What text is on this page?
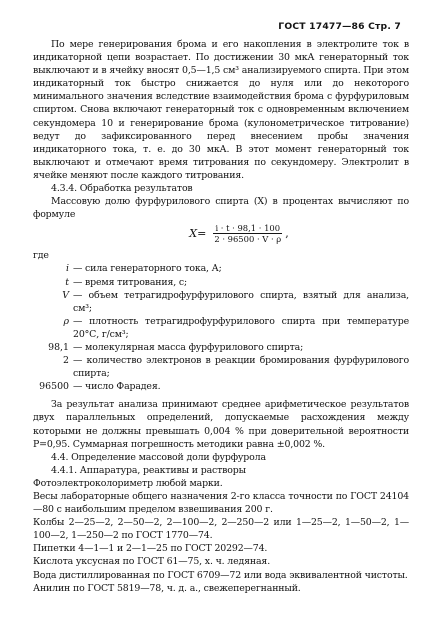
ГОСТ 17477—86 Стр. 7

По мере генерирования брома и его накопления в электролите ток в индикаторной цепи возрастает. По достижении 30 мкА генераторный ток выключают и в ячейку вносят 0,5—1,5 см³ анализируемого спирта. При этом индикаторный ток быстро снижается до нуля или до некоторого минимального значения вследствие взаимодействия брома с фурфуриловым спиртом. Снова включают генераторный ток с одновременным включением секундомера 10 и генерирование брома (кулонометрическое титрование) ведут до зафиксированного перед внесением пробы значения индикаторного тока, т. е. до 30 мкА. В этот момент генераторный ток выключают и отмечают время титрования по секундомеру. Электролит в ячейке меняют после каждого титрования.

4.3.4. Обработка результатов

Массовую долю фурфурилового спирта (X) в процентах вычисляют по формуле

$X= \frac{i \cdot t \cdot 98,1 \cdot 100}{2 \cdot 96500 \cdot V \cdot \rho}$ ,

где

i — сила генераторного тока, А;
t — время титрования, с;
V — объем тетрагидрофурфурилового спирта, взятый для анализа, см³;
ρ — плотность тетрагидрофурфурилового спирта при температуре 20°С, г/см³;
98,1 — молекулярная масса фурфурилового спирта;
2 — количество электронов в реакции бромирования фурфурилового спирта;
96500 — число Фарадея.

За результат анализа принимают среднее арифметическое результатов двух параллельных определений, допускаемые расхождения между которыми не должны превышать 0,004 % при доверительной вероятности P=0,95. Суммарная погрешность методики равна ±0,002 %.

4.4. Определение массовой доли фурфурола

4.4.1. Аппаратура, реактивы и растворы

Фотоэлектроколориметр любой марки.

Весы лабораторные общего назначения 2-го класса точности по ГОСТ 24104—80 с наибольшим пределом взвешивания 200 г.

Колбы 2—25—2, 2—50—2, 2—100—2, 2—250—2 или 1—25—2, 1—50—2, 1—100—2, 1—250—2 по ГОСТ 1770—74.

Пипетки 4—1—1 и 2—1—25 по ГОСТ 20292—74.

Кислота уксусная по ГОСТ 61—75, х. ч. ледяная.

Вода дистиллированная по ГОСТ 6709—72 или вода эквивалентной чистоты.

Анилин по ГОСТ 5819—78, ч. д. а., свежеперегнанный.
